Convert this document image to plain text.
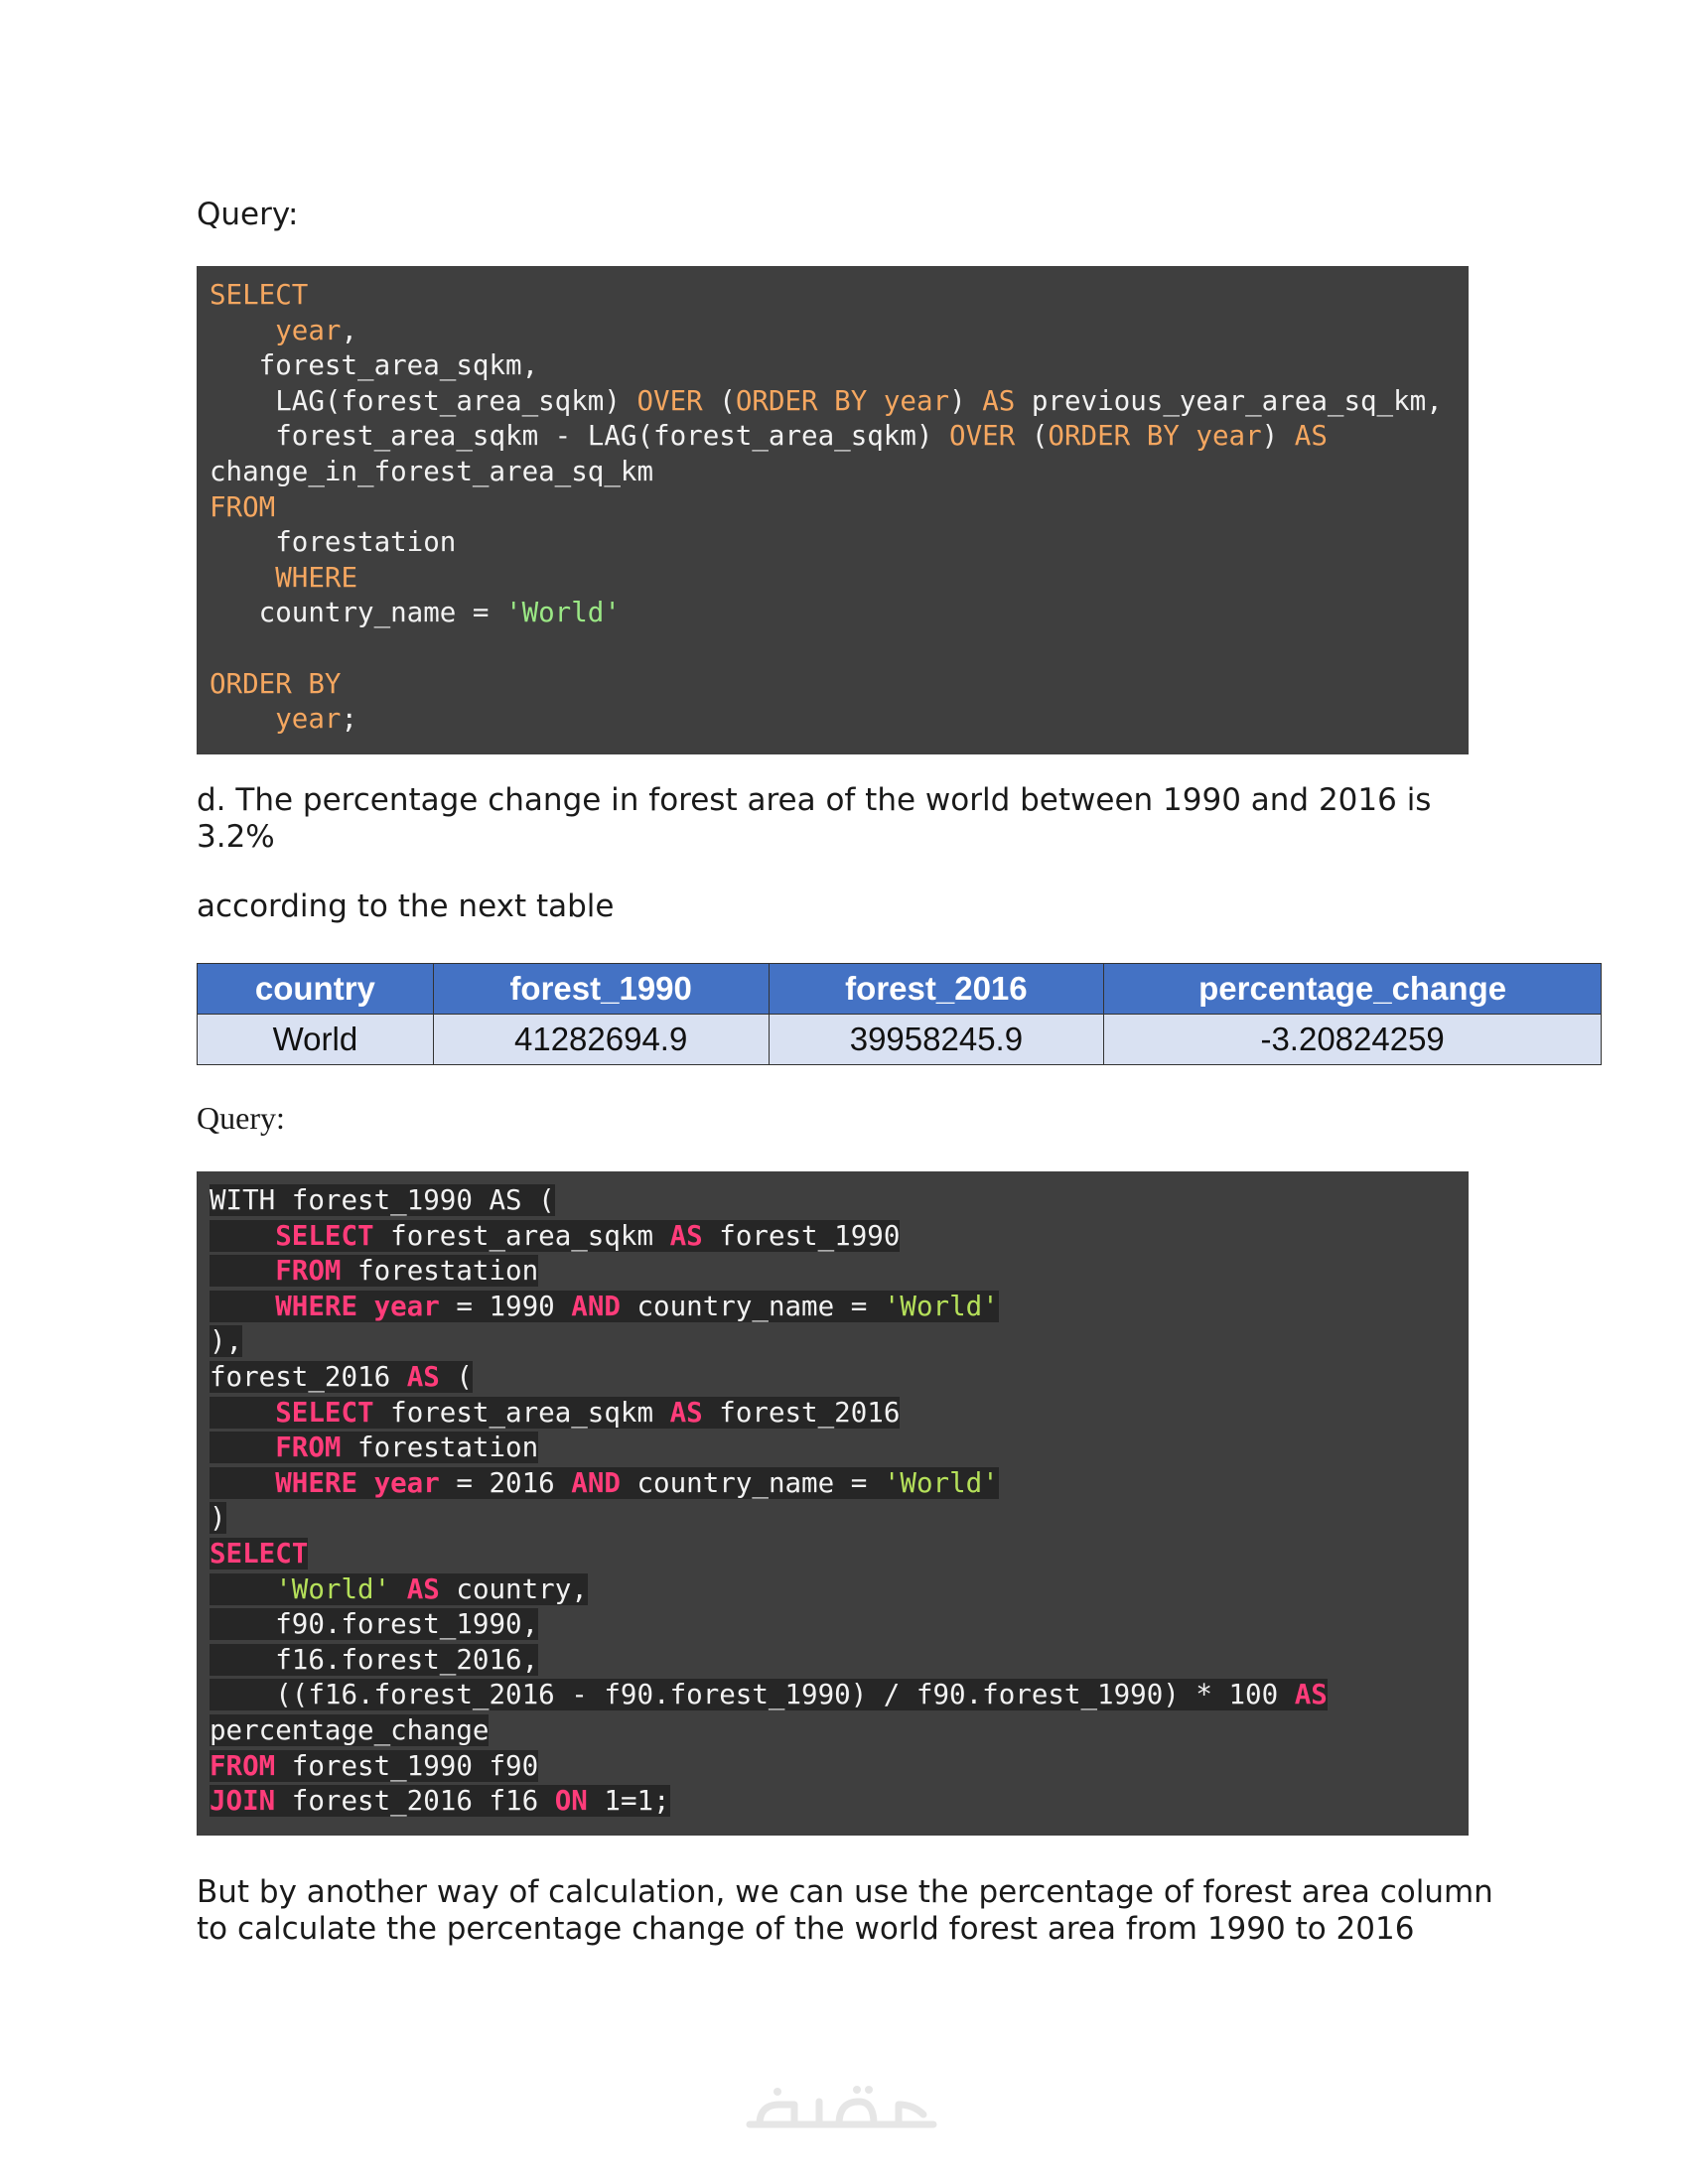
Query:
SELECT
year,
forest_area_sqkm,
LAG(forest_area_sqkm) OVER (ORDER BY year) AS previous_year_area_sq_km,
forest_area_sqkm - LAG(forest_area_sqkm) OVER (ORDER BY year) AS
change_in_forest_area_sq_km
FROM
forestation
WHERE
country_name = 'World'
ORDER BY
year;
d. The percentage change in forest area of the world between 1990 and 2016 is
3.2%
according to the next table
country	forest_1990	forest_2016	percentage_change
World	41282694.9	39958245.9	-3.20824259
Query:
WITH forest_1990 AS (
SELECT forest_area_sqkm AS forest_1990
FROM forestation
WHERE year = 1990 AND country_name = 'World'
),
forest_2016 AS (
SELECT forest_area_sqkm AS forest_2016
FROM forestation
WHERE year = 2016 AND country_name = 'World'
)
SELECT
'World' AS country,
f90.forest_1990,
f16.forest_2016,
((f16.forest_2016 - f90.forest_1990) / f90.forest_1990) * 100 AS
percentage_change
FROM forest_1990 f90
JOIN forest_2016 f16 ON 1=1;
But by another way of calculation, we can use the percentage of forest area column
to calculate the percentage change of the world forest area from 1990 to 2016
